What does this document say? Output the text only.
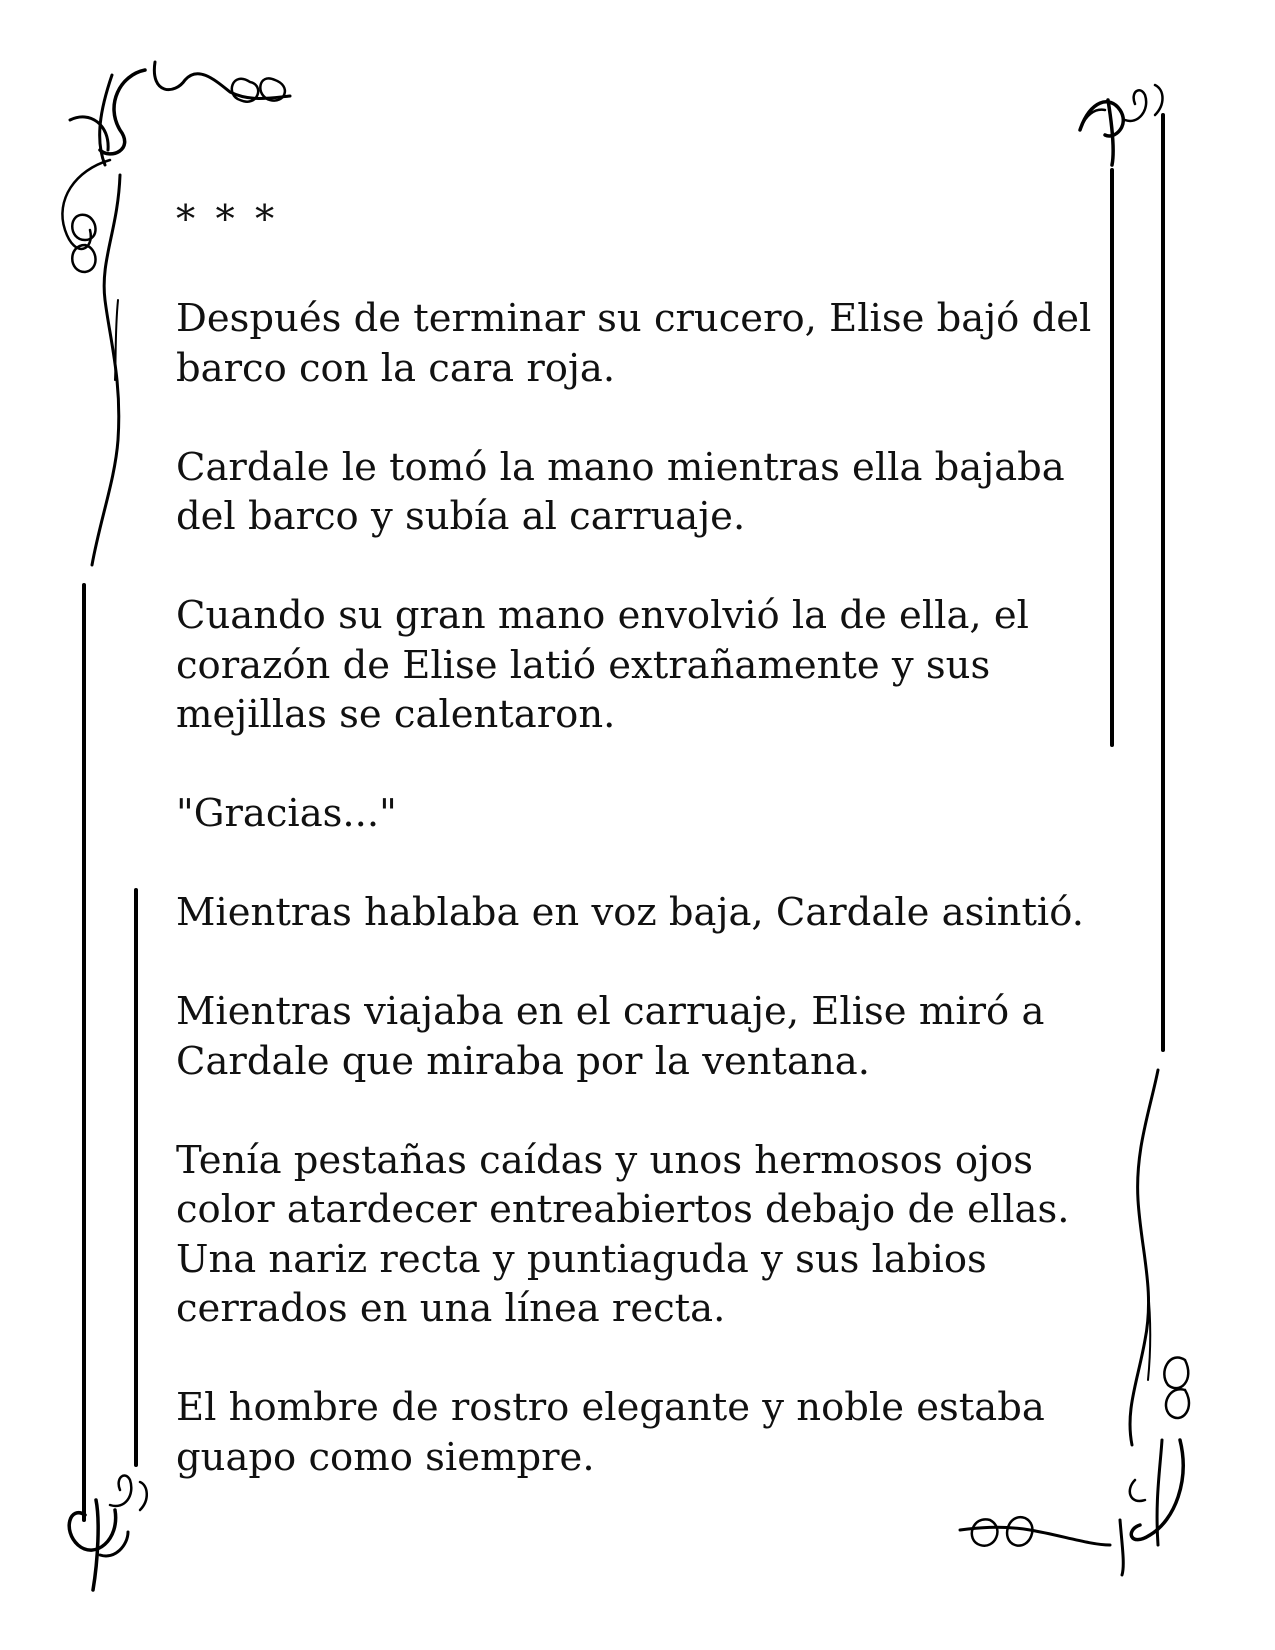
* * *

Después de terminar su crucero, Elise bajó del
barco con la cara roja.

Cardale le tomó la mano mientras ella bajaba
del barco y subía al carruaje.

Cuando su gran mano envolvió la de ella, el
corazón de Elise latió extrañamente y sus
mejillas se calentaron.

"Gracias..."

Mientras hablaba en voz baja, Cardale asintió.

Mientras viajaba en el carruaje, Elise miró a
Cardale que miraba por la ventana.

Tenía pestañas caídas y unos hermosos ojos
color atardecer entreabiertos debajo de ellas.
Una nariz recta y puntiaguda y sus labios
cerrados en una línea recta.

El hombre de rostro elegante y noble estaba
guapo como siempre.
